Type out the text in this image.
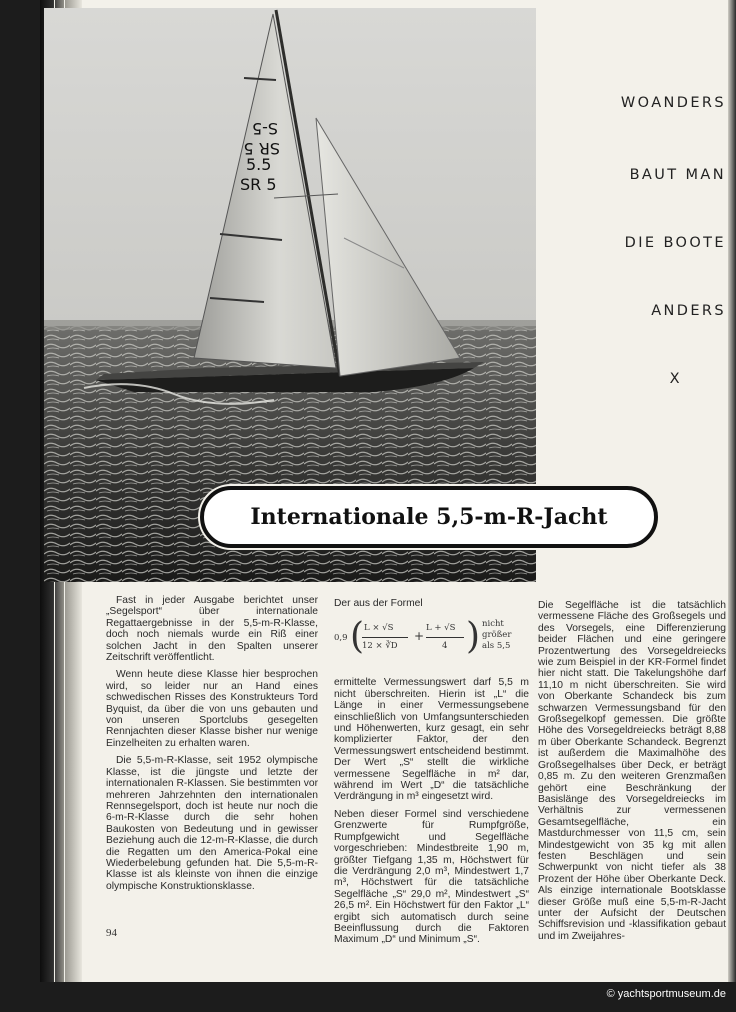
S-5
SR 5
5.5
SR 5
WOANDERS
BAUT MAN
DIE BOOTE
ANDERS
X
Internationale 5,5-m-R-Jacht

Fast in jeder Ausgabe berichtet unser „Segelsport“ über internationale Regattaergebnisse in der 5,5-m-R-Klasse, doch noch niemals wurde ein Riß einer solchen Jacht in den Spalten unserer Zeitschrift veröffentlicht.

Wenn heute diese Klasse hier besprochen wird, so leider nur an Hand eines schwedischen Risses des Konstrukteurs Tord Byquist, da über die von uns gebauten und von unseren Sportclubs gesegelten Rennjachten dieser Klasse bisher nur wenige Einzelheiten zu erhalten waren.

Die 5,5-m-R-Klasse, seit 1952 olympische Klasse, ist die jüngste und letzte der internationalen R-Klassen. Sie bestimmten vor mehreren Jahrzehnten den internationalen Rennsegelsport, doch ist heute nur noch die 6-m-R-Klasse durch die sehr hohen Baukosten von Bedeutung und in gewisser Beziehung auch die 12-m-R-Klasse, die durch die Regatten um den America-Pokal eine Wiederbelebung gefunden hat. Die 5,5-m-R-Klasse ist als kleinste von ihnen die einzige olympische Konstruktionsklasse.

Der aus der Formel
0,9 ( L × √S
12 × ∛D
+
L + √S
4 ) nicht
größer
als 5,5

ermittelte Vermessungswert darf 5,5 m nicht überschreiten. Hierin ist „L“ die Länge in einer Vermessungsebene einschließlich von Umfangsunterschieden und Höhenwerten, kurz gesagt, ein sehr komplizierter Faktor, der den Vermessungswert entscheidend bestimmt. Der Wert „S“ stellt die wirkliche vermessene Segelfläche in m² dar, während im Wert „D“ die tatsächliche Verdrängung in m³ eingesetzt wird.

Neben dieser Formel sind verschiedene Grenzwerte für Rumpfgröße, Rumpfgewicht und Segelfläche vorgeschrieben: Mindestbreite 1,90 m, größter Tiefgang 1,35 m, Höchstwert für die Verdrängung 2,0 m³, Mindestwert 1,7 m³, Höchstwert für die tatsächliche Segelfläche „S“ 29,0 m², Mindestwert „S“ 26,5 m². Ein Höchstwert für den Faktor „L“ ergibt sich automatisch durch seine Beeinflussung durch die Faktoren Maximum „D“ und Minimum „S“.

Die Segelfläche ist die tatsächlich vermessene Fläche des Großsegels und des Vorsegels, eine Differenzierung beider Flächen und eine geringere Prozentwertung des Vorsegeldreiecks wie zum Beispiel in der KR-Formel findet hier nicht statt. Die Takelungshöhe darf 11,10 m nicht überschreiten. Sie wird von Oberkante Schandeck bis zum schwarzen Vermessungsband für den Großsegelkopf gemessen. Die größte Höhe des Vorsegeldreiecks beträgt 8,88 m über Oberkante Schandeck. Begrenzt ist außerdem die Maximalhöhe des Großsegelhalses über Deck, er beträgt 0,85 m. Zu den weiteren Grenzmaßen gehört eine Beschränkung der Basislänge des Vorsegeldreiecks im Verhältnis zur vermessenen Gesamtsegelfläche, ein Mastdurchmesser von 11,5 cm, sein Mindestgewicht von 35 kg mit allen festen Beschlägen und sein Schwerpunkt von nicht tiefer als 38 Prozent der Höhe über Oberkante Deck. Als einzige internationale Bootsklasse dieser Größe muß eine 5,5-m-R-Jacht unter der Aufsicht der Deutschen Schiffsrevision und -klassifikation gebaut und im Zweijahres-

94
© yachtsportmuseum.de
